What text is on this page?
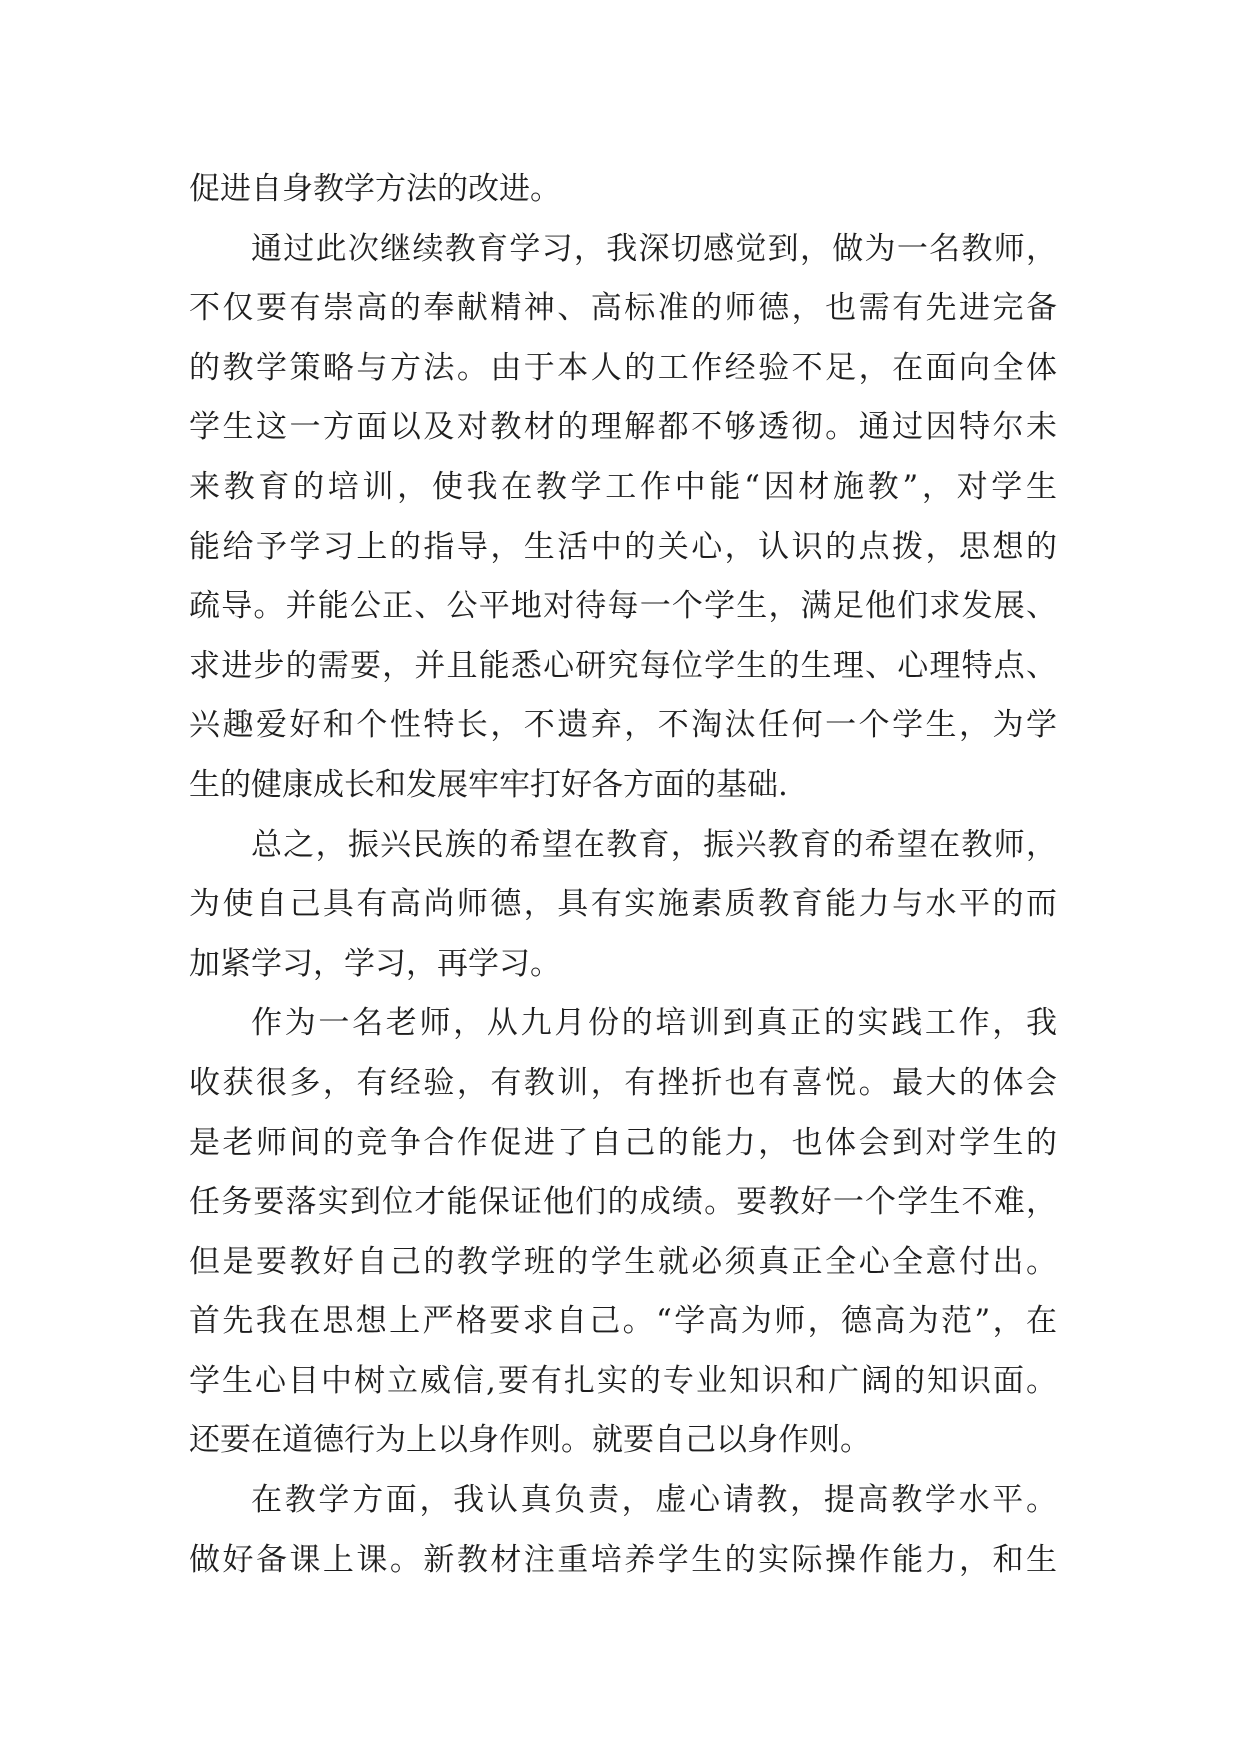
促进自身教学方法的改进。
通过此次继续教育学习，我深切感觉到，做为一名教师，
不仅要有崇高的奉献精神、高标准的师德，也需有先进完备
的教学策略与方法。由于本人的工作经验不足，在面向全体
学生这一方面以及对教材的理解都不够透彻。通过因特尔未
来教育的培训，使我在教学工作中能“因材施教”，对学生
能给予学习上的指导，生活中的关心，认识的点拨，思想的
疏导。并能公正、公平地对待每一个学生，满足他们求发展、
求进步的需要，并且能悉心研究每位学生的生理、心理特点、
兴趣爱好和个性特长，不遗弃，不淘汰任何一个学生，为学
生的健康成长和发展牢牢打好各方面的基础.
总之，振兴民族的希望在教育，振兴教育的希望在教师，
为使自己具有高尚师德，具有实施素质教育能力与水平的而
加紧学习，学习，再学习。
作为一名老师，从九月份的培训到真正的实践工作，我
收获很多，有经验，有教训，有挫折也有喜悦。最大的体会
是老师间的竞争合作促进了自己的能力，也体会到对学生的
任务要落实到位才能保证他们的成绩。要教好一个学生不难，
但是要教好自己的教学班的学生就必须真正全心全意付出。
首先我在思想上严格要求自己。“学高为师，德高为范”，在
学生心目中树立威信,要有扎实的专业知识和广阔的知识面。
还要在道德行为上以身作则。就要自己以身作则。
在教学方面，我认真负责，虚心请教，提高教学水平。
做好备课上课。新教材注重培养学生的实际操作能力，和生
